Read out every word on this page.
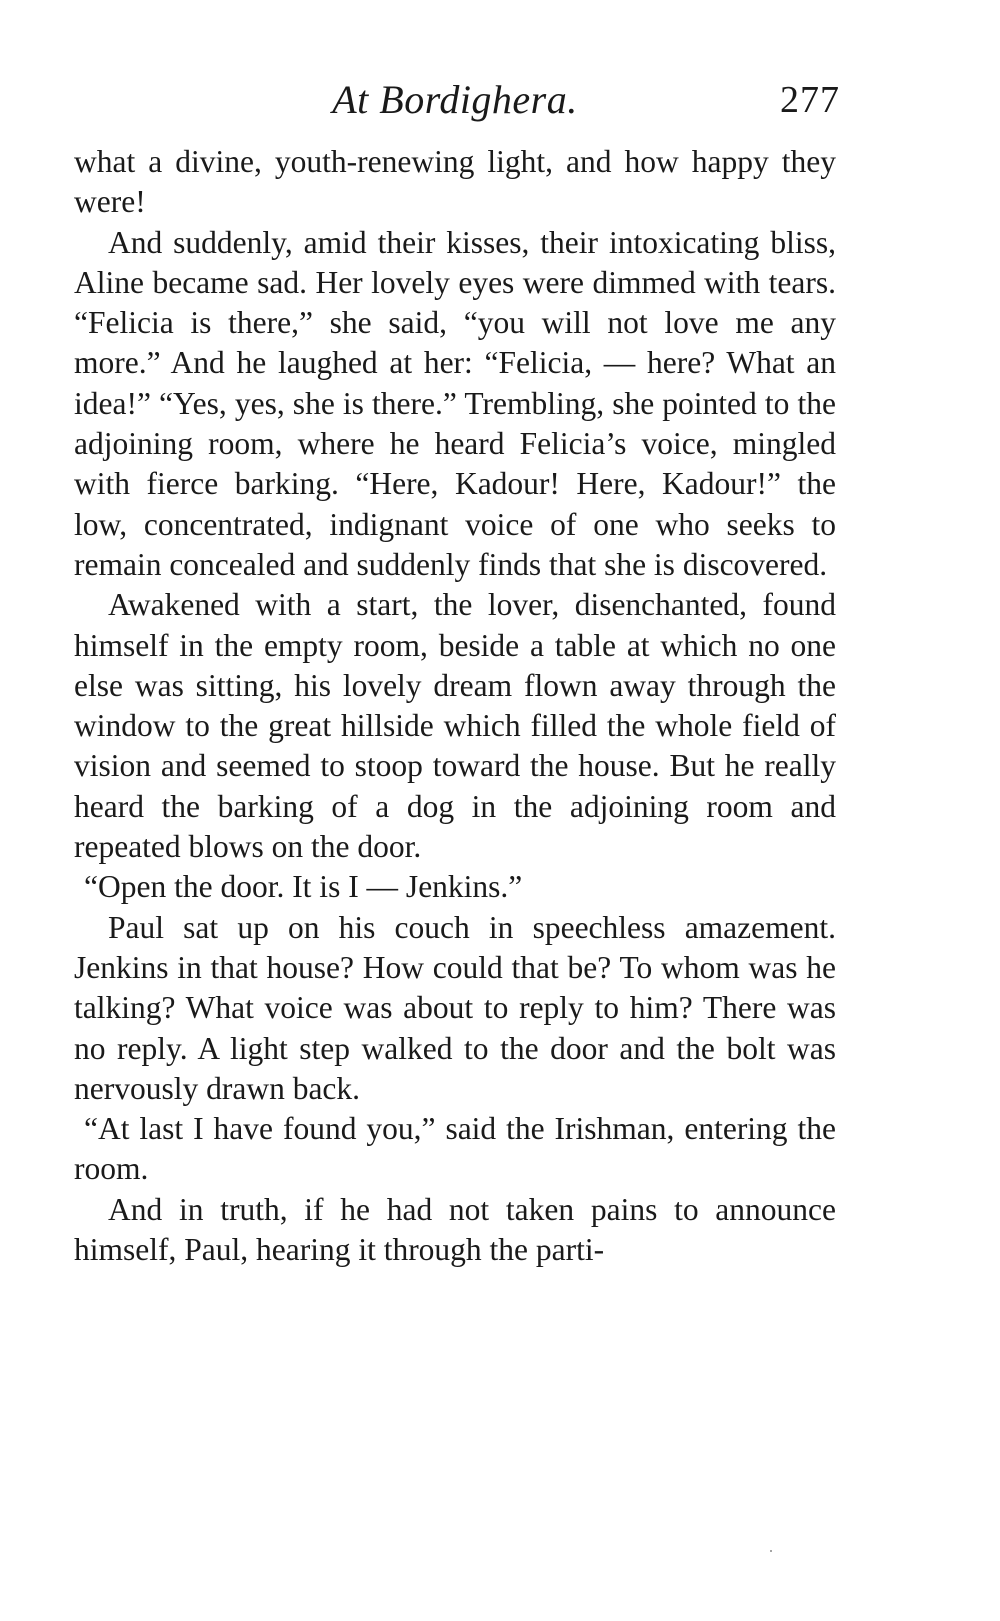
At Bordighera.	277

what a divine, youth-renewing light, and how happy they were!

And suddenly, amid their kisses, their intoxicating bliss, Aline became sad. Her lovely eyes were dimmed with tears. “Felicia is there,” she said, “you will not love me any more.” And he laughed at her: “Felicia, — here? What an idea!” “Yes, yes, she is there.” Trembling, she pointed to the adjoining room, where he heard Felicia’s voice, mingled with fierce barking. “Here, Kadour! Here, Kadour!” the low, concentrated, indignant voice of one who seeks to remain concealed and suddenly finds that she is discovered.

Awakened with a start, the lover, disenchanted, found himself in the empty room, beside a table at which no one else was sitting, his lovely dream flown away through the window to the great hillside which filled the whole field of vision and seemed to stoop toward the house. But he really heard the barking of a dog in the adjoining room and repeated blows on the door.

“Open the door. It is I — Jenkins.”

Paul sat up on his couch in speechless amazement. Jenkins in that house? How could that be? To whom was he talking? What voice was about to reply to him? There was no reply. A light step walked to the door and the bolt was nervously drawn back.

“At last I have found you,” said the Irishman, entering the room.

And in truth, if he had not taken pains to announce himself, Paul, hearing it through the parti-
